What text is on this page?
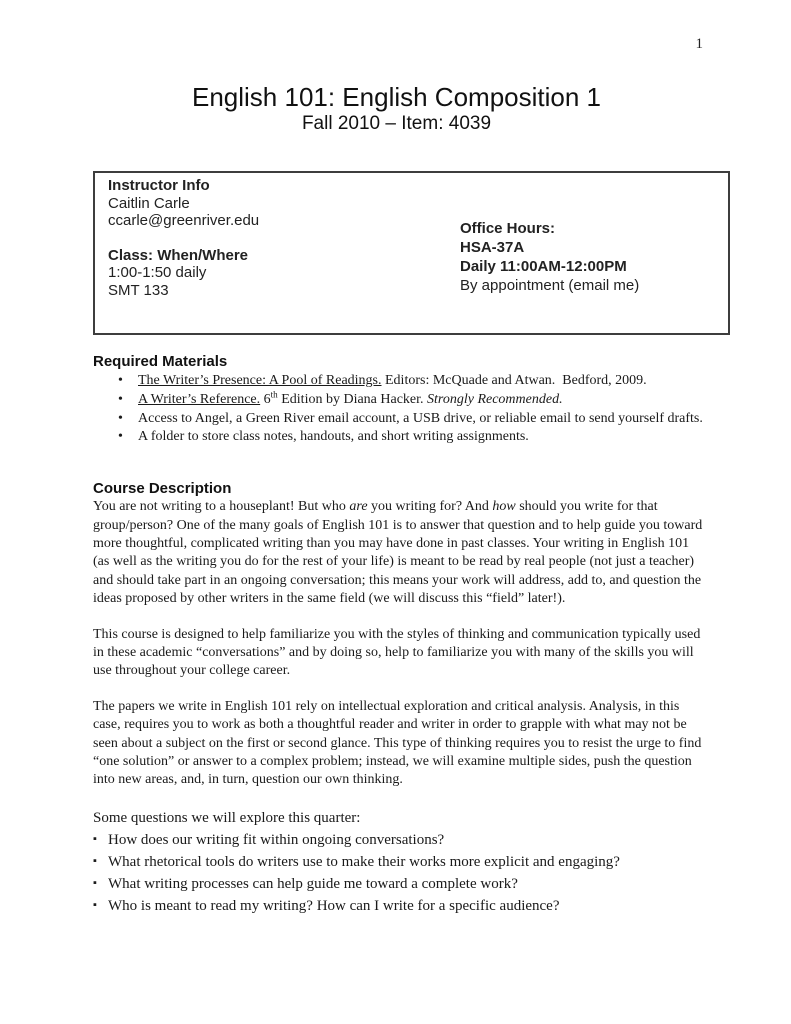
1
English 101: English Composition 1
Fall 2010 – Item: 4039
Instructor Info
Caitlin Carle
ccarle@greenriver.edu
Class: When/Where
1:00-1:50 daily
SMT 133
Office Hours:
HSA-37A
Daily 11:00AM-12:00PM
By appointment (email me)
Required Materials
• The Writer’s Presence: A Pool of Readings. Editors: McQuade and Atwan.  Bedford, 2009.
• A Writer’s Reference. 6th Edition by Diana Hacker. Strongly Recommended.
• Access to Angel, a Green River email account, a USB drive, or reliable email to send yourself drafts.
• A folder to store class notes, handouts, and short writing assignments.
Course Description

You are not writing to a houseplant! But who are you writing for? And how should you write for that group/person? One of the many goals of English 101 is to answer that question and to help guide you toward more thoughtful, complicated writing than you may have done in past classes. Your writing in English 101 (as well as the writing you do for the rest of your life) is meant to be read by real people (not just a teacher) and should take part in an ongoing conversation; this means your work will address, add to, and question the ideas proposed by other writers in the same field (we will discuss this “field” later!).

This course is designed to help familiarize you with the styles of thinking and communication typically used in these academic “conversations” and by doing so, help to familiarize you with many of the skills you will use throughout your college career.

The papers we write in English 101 rely on intellectual exploration and critical analysis. Analysis, in this case, requires you to work as both a thoughtful reader and writer in order to grapple with what may not be seen about a subject on the first or second glance. This type of thinking requires you to resist the urge to find “one solution” or answer to a complex problem; instead, we will examine multiple sides, push the question into new areas, and, in turn, question our own thinking.

Some questions we will explore this quarter:
▪ How does our writing fit within ongoing conversations?
▪ What rhetorical tools do writers use to make their works more explicit and engaging?
▪ What writing processes can help guide me toward a complete work?
▪ Who is meant to read my writing? How can I write for a specific audience?
